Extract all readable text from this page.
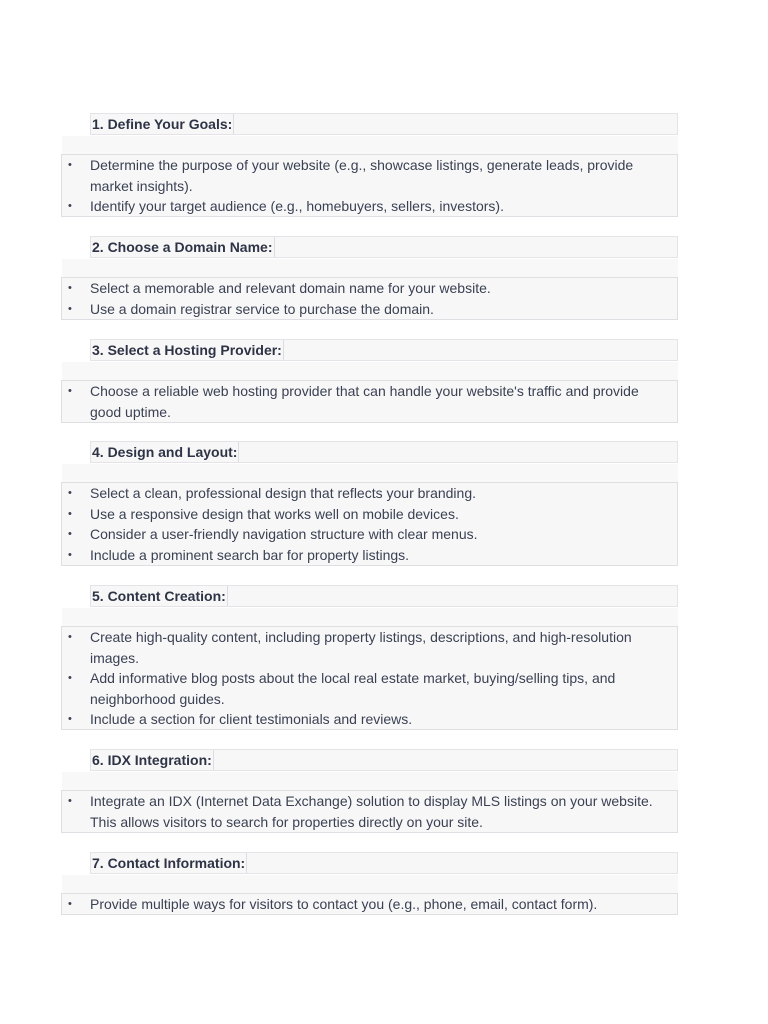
1. Define Your Goals:
• Determine the purpose of your website (e.g., showcase listings, generate leads, provide market insights).
• Identify your target audience (e.g., homebuyers, sellers, investors).
2. Choose a Domain Name:
• Select a memorable and relevant domain name for your website.
• Use a domain registrar service to purchase the domain.
3. Select a Hosting Provider:
• Choose a reliable web hosting provider that can handle your website's traffic and provide good uptime.
4. Design and Layout:
• Select a clean, professional design that reflects your branding.
• Use a responsive design that works well on mobile devices.
• Consider a user-friendly navigation structure with clear menus.
• Include a prominent search bar for property listings.
5. Content Creation:
• Create high-quality content, including property listings, descriptions, and high-resolution images.
• Add informative blog posts about the local real estate market, buying/selling tips, and neighborhood guides.
• Include a section for client testimonials and reviews.
6. IDX Integration:
• Integrate an IDX (Internet Data Exchange) solution to display MLS listings on your website. This allows visitors to search for properties directly on your site.
7. Contact Information:
• Provide multiple ways for visitors to contact you (e.g., phone, email, contact form).
